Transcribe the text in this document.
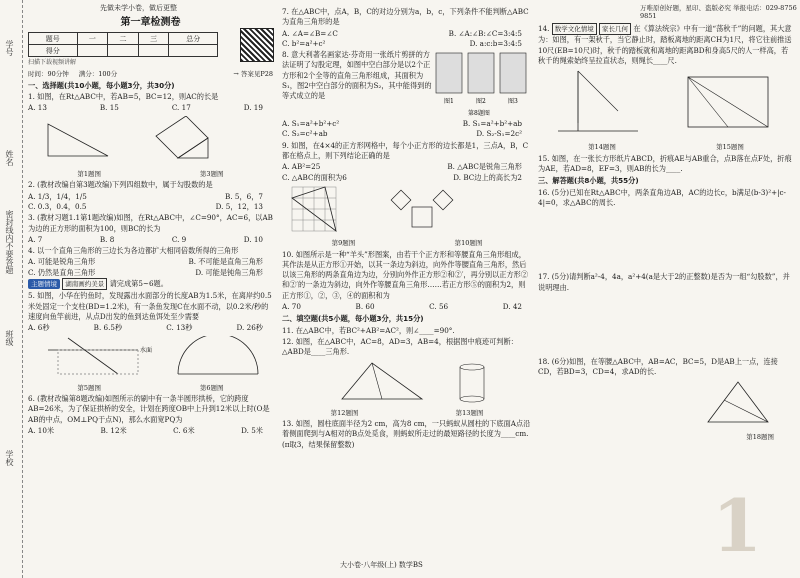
学号
姓名
密封线内不要答题
班级
学校
先做未学小卷，做后更整	万唯原创好题，星印、盗版必究 举报电话：029-8756 9851
第一章检测卷
题号	一	二	三	总分
得分				
扫描下载视频讲解
时间：90分钟 满分：100分	→ 答案见P28
一、选择题(共10小题，每小题3分，共30分)
1. 如图，在Rt△ABC中，若AB=5，BC=12，则AC的长是
A. 13	B. 15	C. 17	D. 19
第1题图	第3题图
2. (教材改编自第3题改编)下列四组数中，属于勾股数的是
A. 1/3，1/4，1/5	B. 5，6，7
C. 0.3，0.4，0.5	D. 5，12，13
3. (教材习题1.1第1题改编)如图，在Rt△ABC中，∠C=90°，AC=6，以AB为边的正方形的面积为100，则BC的长为
A. 7	B. 8	C. 9	D. 10
4. 以一个直角三角形的三边长为各边都扩大相同倍数所得的三角形
A. 可能是锐角三角形	B. 不可能是直角三角形
C. 仍然是直角三角形	D. 可能是钝角三角形
主题情境 湖南画约美景 请完成第5~6题。
5. 如图，小华在钓鱼时，发现露出水面部分的长度AB为1.5米，在离岸约0.5米处固定一个支柱(BD=1.2米)，有一条鱼发现C在水面不动，以0.2米/秒的速度向鱼竿前进，从点D出发的鱼到达鱼饵处至少需要
A. 6秒	B. 6.5秒	C. 13秒	D. 26秒
水面
第5题图	第6题图
6. (教材改编第8题改编)如图所示的刷中有一条半圆形拱桥，它的跨度AB=26米，为了保证拱桥的安全，计划在跨度OB中上升到12米以上时(O是AB的中点，OM⊥PQ于点N)，那么水面宽PQ为
A. 10米	B. 12米	C. 6米	D. 5米
7. 在△ABC中，点A，B，C的对边分别为a，b，c，下列条件不能判断△ABC为直角三角形的是
A. ∠A=∠B=∠C	B. ∠A:∠B:∠C=3:4:5
C. b²=a²+c²	D. a:c:b=3:4:5
8. 意大利著名画家达·芬奇用一张纸片剪拼的方法证明了勾股定理，如图中空白部分是以2个正方形和2个全等的直角三角形组成，其面积为S₁，图2中空白部分的面积为S₂，其中能得到的等式成立的是
图1	图2	图3
第8题图
A. S₁=a²+b²+c²	B. S₁=a²+b²+ab
C. S₂=c²+ab	D. S₂-S₁=2c²
9. 如图，在4×4的正方形网格中，每个小正方形的边长都是1，三点A，B，C都在格点上，则下列结论正确的是
A. AB²=25	B. △ABC是锐角三角形
C. △ABC的面积为6	D. BC边上的高长为2
第9题图	第10题图
10. 如图所示是一种“羊头”形图案，由若干个正方形和等腰直角三角形组成，其作法是从正方形①开始，以其一条边为斜边，向外作等腰直角三角形，然后以该三角形的两条直角边为边，分别向外作正方形②和②′，再分别以正方形②和②′的一条边为斜边，向外作等腰直角三角形……若正方形⑤的面积为2，则正方形①，②，③，④的面积和为
A. 70	B. 60	C. 56	D. 42
二、填空题(共5小题，每小题3分，共15分)
11. 在△ABC中，若BC²+AB²=AC²，则∠____=90°.
12. 如图，在△ABC中，AC=8，AD=3，AB=4，根据图中痕迹可判断：△ABD是____三角形.
第12题图	第13题图
13. 如图，圆柱底面半径为2 cm，高为8 cm，一只蚂蚁从圆柱的下底面A点沿着侧面爬到与A相对的B点处觅食，则蚂蚁所走过的最短路径的长度为____cm.(π取3，结果保留整数)
14. 数学文化情境 家长几何 在《算法统宗》中有一道“荡秋千”的问题，其大意为：如图，有一架秋千，当它静止时，踏板离地的距离CH为1尺，将它往前推送10尺(EB=10尺)时，秋千的踏板就和离地的距离BD和身高5尺的人一样高，若秋千的绳索始终呈拉直状态，则绳长____尺.
第14题图	第15题图
15. 如图，在一张长方形纸片ABCD，折痕AE与AB重合，点B落在点F处，折痕为AE，若AD=8，EF=3，则AB的长为____.
三、解答题(共8小题，共55分)
16. (5分)已知在Rt△ABC中，两条直角边AB，AC的边长c，b满足(b-3)²+|c-4|=0，求△ABC的周长.
17. (5分)请判断a²-4，4a，a²+4(a是大于2的正整数)是否为一组“勾股数”，并说明理由.
18. (6分)如图，在等腰△ABC中，AB=AC，BC=5，D是AB上一点，连接CD，若BD=3，CD=4，求AD的长.
第18题图
1
大小卷·八年级(上) 数学BS
